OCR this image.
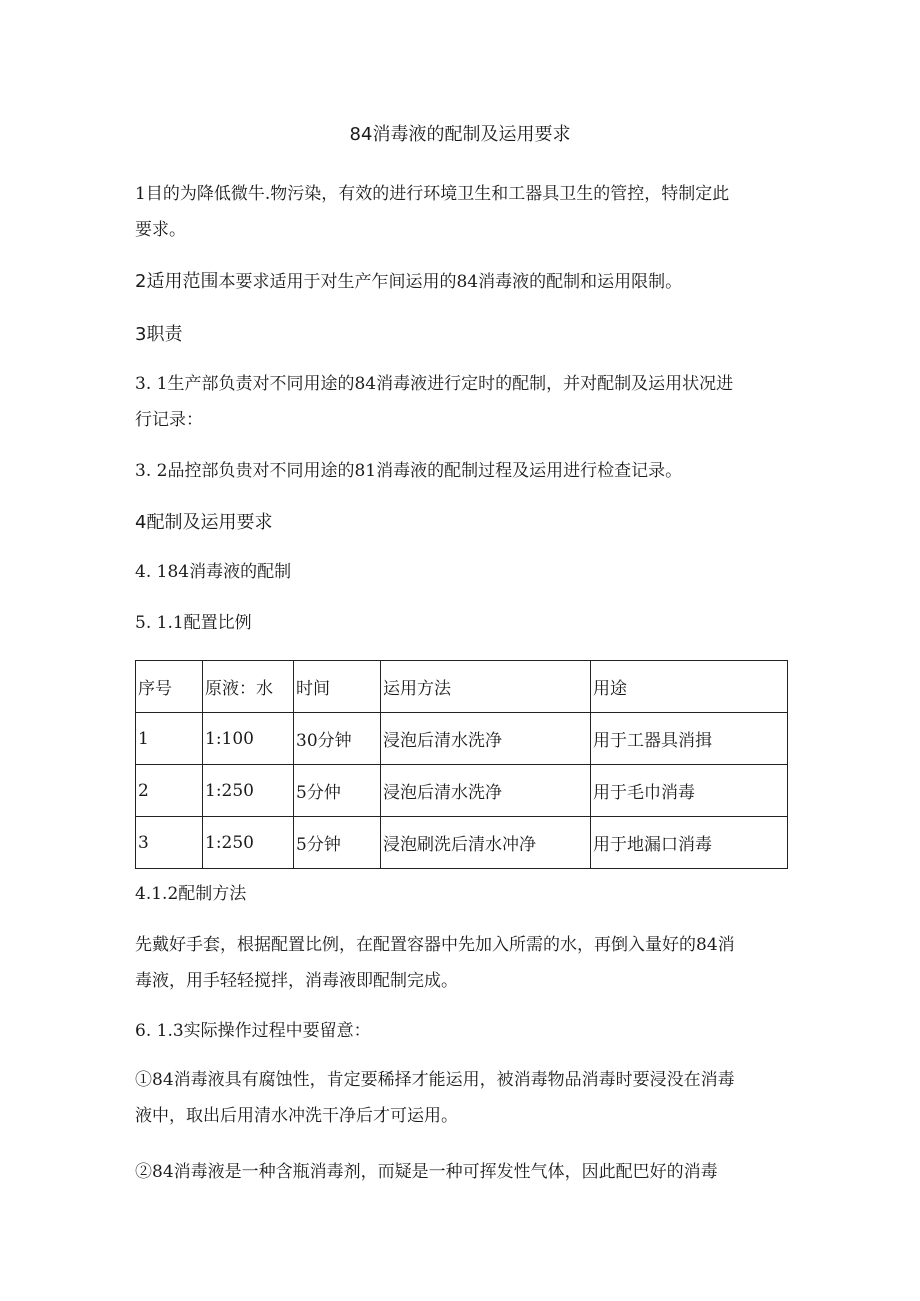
84消毒液的配制及运用要求
1目的为降低微牛.物污染，有效的进行环境卫生和工器具卫生的管控，特制定此
要求。
2适用范围本要求适用于对生产乍间运用的84消毒液的配制和运用限制。
3职责
3. 1生产部负责对不同用途的84消毒液进行定时的配制，并对配制及运用状况进
行记录：
3. 2品控部负贵对不同用途的81消毒液的配制过程及运用进行检查记录。
4配制及运用要求
4. 184消毒液的配制
5. 1.1配置比例
序号	原液：水	时间	运用方法	用途
1	1:100	30分钟	浸泡后清水洗净	用于工器具消揖
2	1:250	5分仲	浸泡后清水洗净	用于毛巾消毒
3	1:250	5分钟	浸泡刷洗后清水冲净	用于地漏口消毒
4.1.2配制方法
先戴好手套，根据配置比例，在配置容器中先加入所需的水，再倒入量好的84消
毒液，用手轻轻搅拌，消毒液即配制完成。
6. 1.3实际操作过程中要留意：
①84消毒液具有腐蚀性，肯定要稀择才能运用，被消毒物品消毒时要浸没在消毒
液中，取出后用清水冲洗干净后才可运用。
②84消毒液是一种含瓶消毒剂，而疑是一种可挥发性气体，因此配巴好的消毒
